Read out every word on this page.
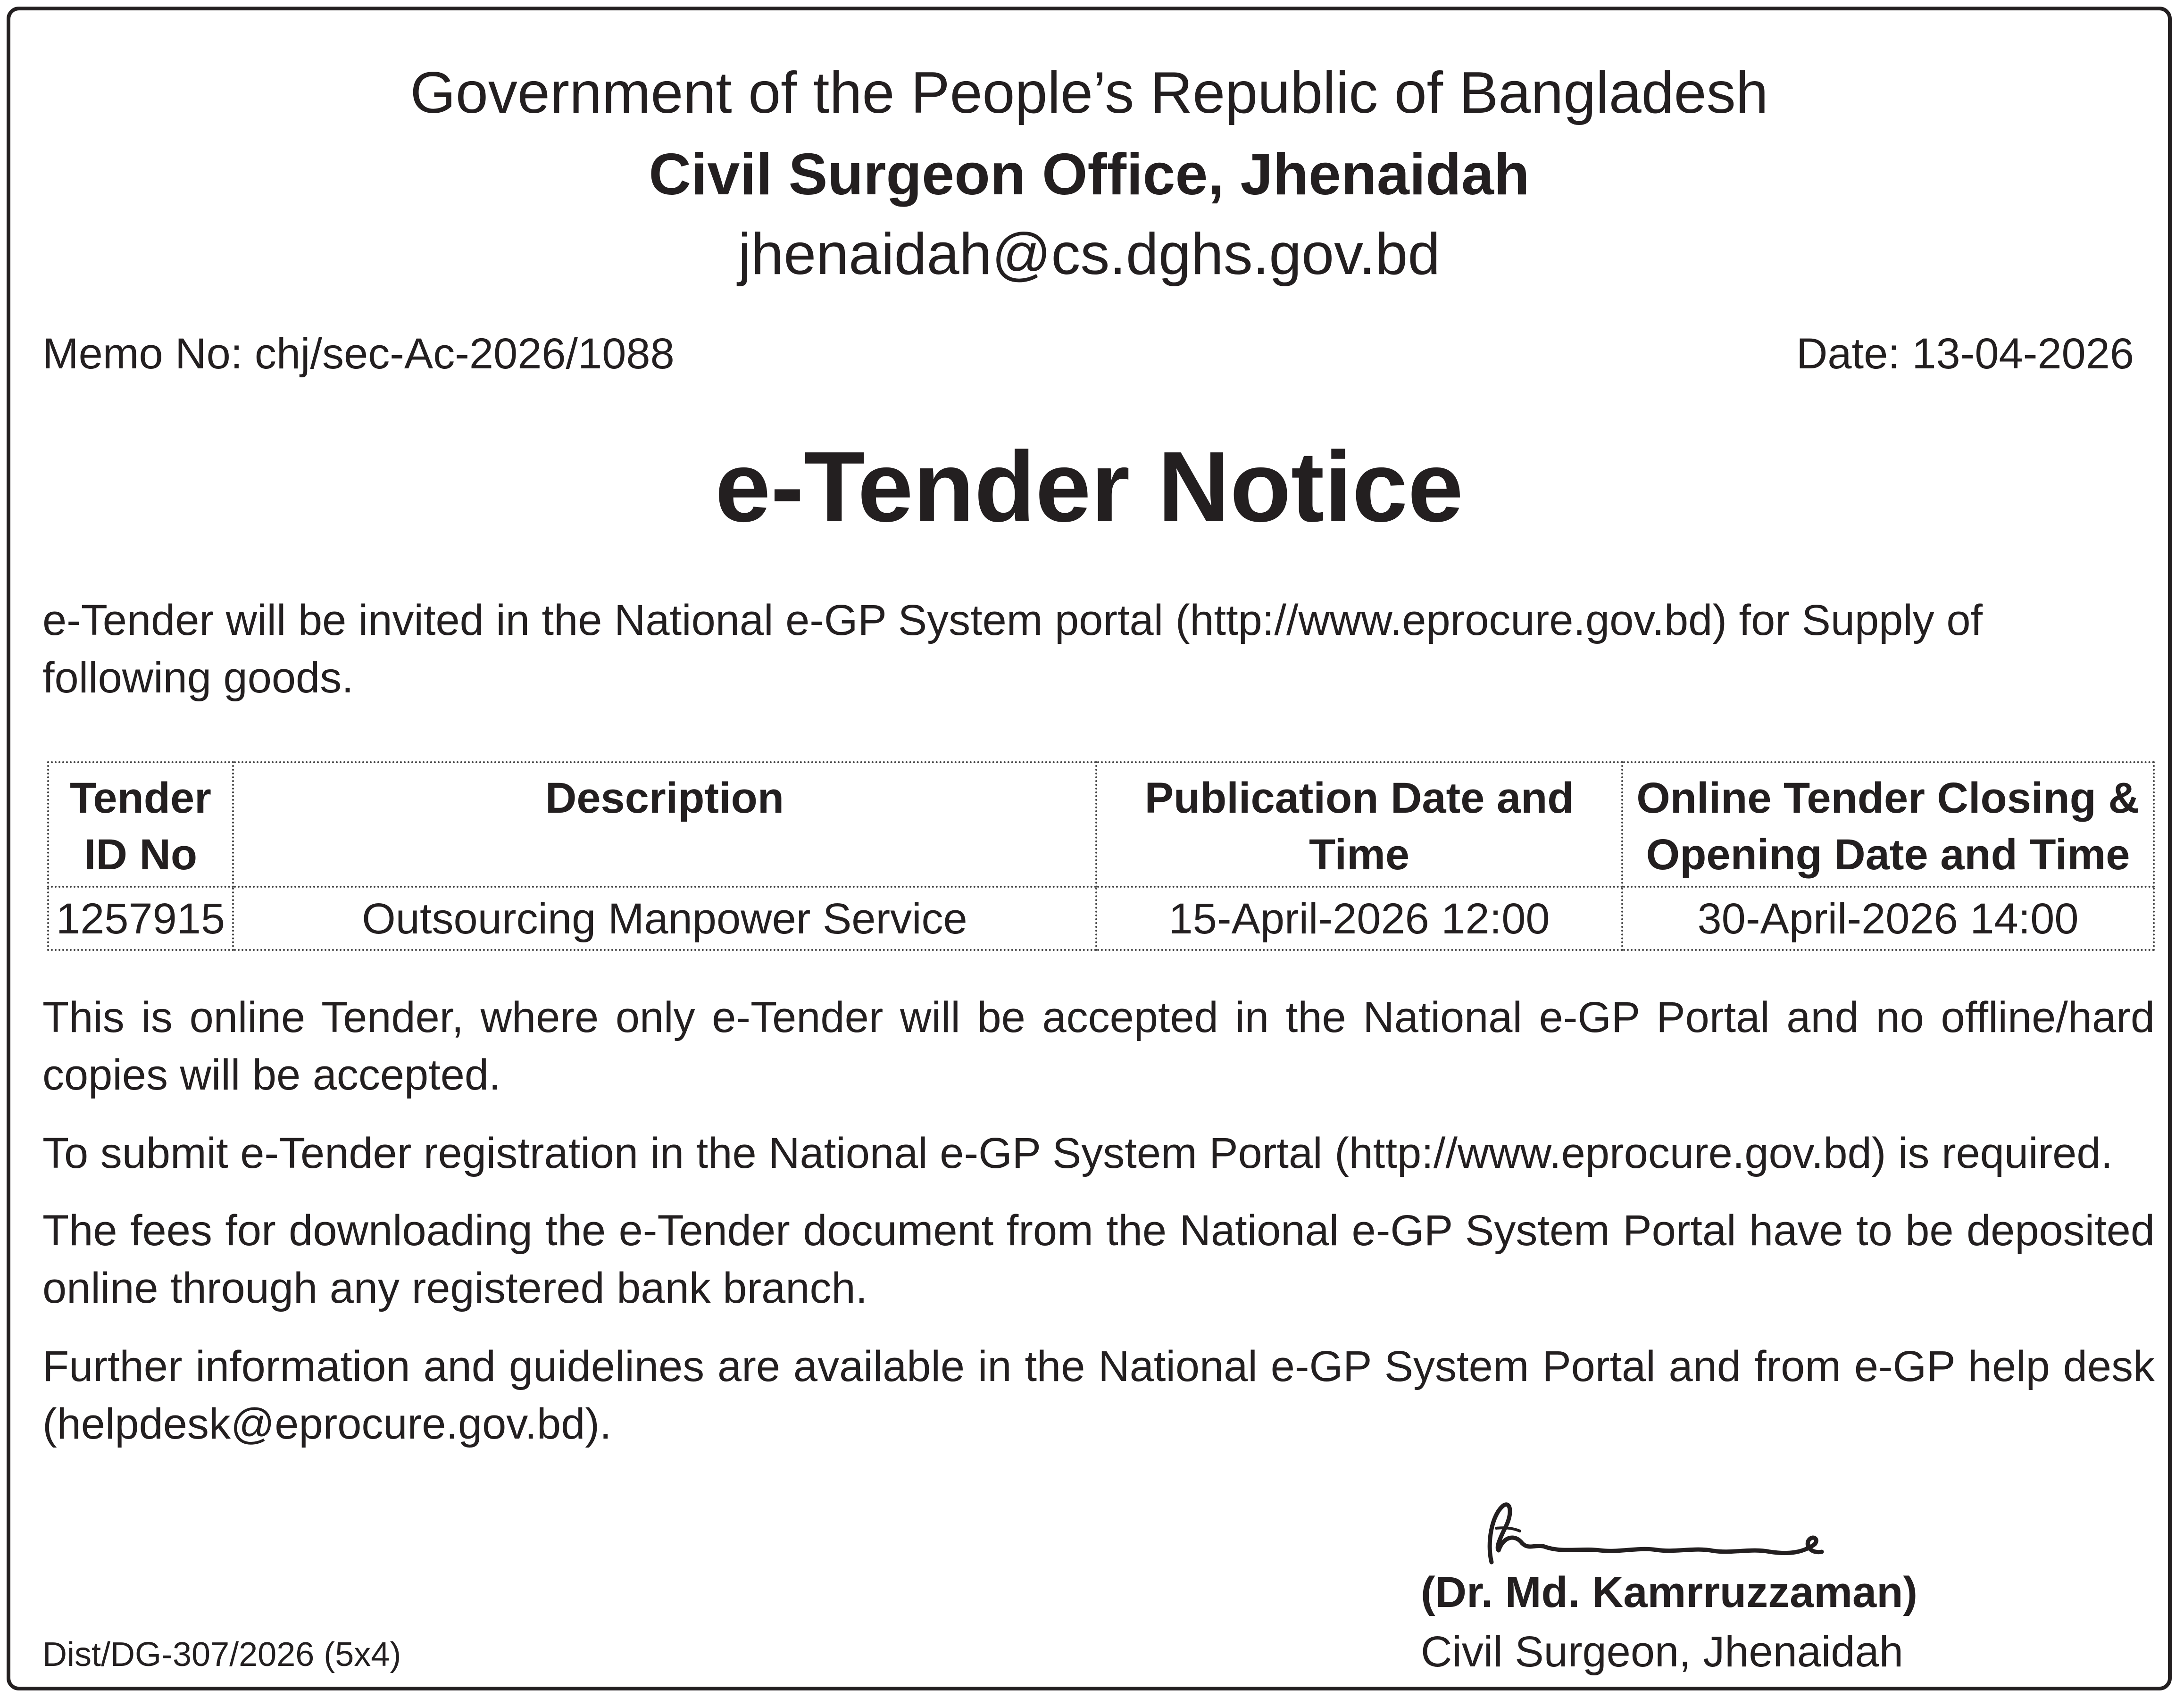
Government of the People’s Republic of Bangladesh
Civil Surgeon Office, Jhenaidah
jhenaidah@cs.dghs.gov.bd
Memo No: chj/sec-Ac-2026/1088	Date: 13-04-2026
e-Tender Notice
e-Tender will be invited in the National e-GP System portal (http://www.eprocure.gov.bd) for Supply of following goods.
Tender ID No	Description	Publication Date and Time	Online Tender Closing & Opening Date and Time
1257915	Outsourcing Manpower Service	15-April-2026 12:00	30-April-2026 14:00
This is online Tender, where only e-Tender will be accepted in the National e-GP Portal and no offline/hard copies will be accepted.
To submit e-Tender registration in the National e-GP System Portal (http://www.eprocure.gov.bd) is required.
The fees for downloading the e-Tender document from the National e-GP System Portal have to be deposited online through any registered bank branch.
Further information and guidelines are available in the National e-GP System Portal and from e-GP help desk (helpdesk@eprocure.gov.bd).
(Dr. Md. Kamrruzzaman)
Civil Surgeon, Jhenaidah
Dist/DG-307/2026 (5x4)
